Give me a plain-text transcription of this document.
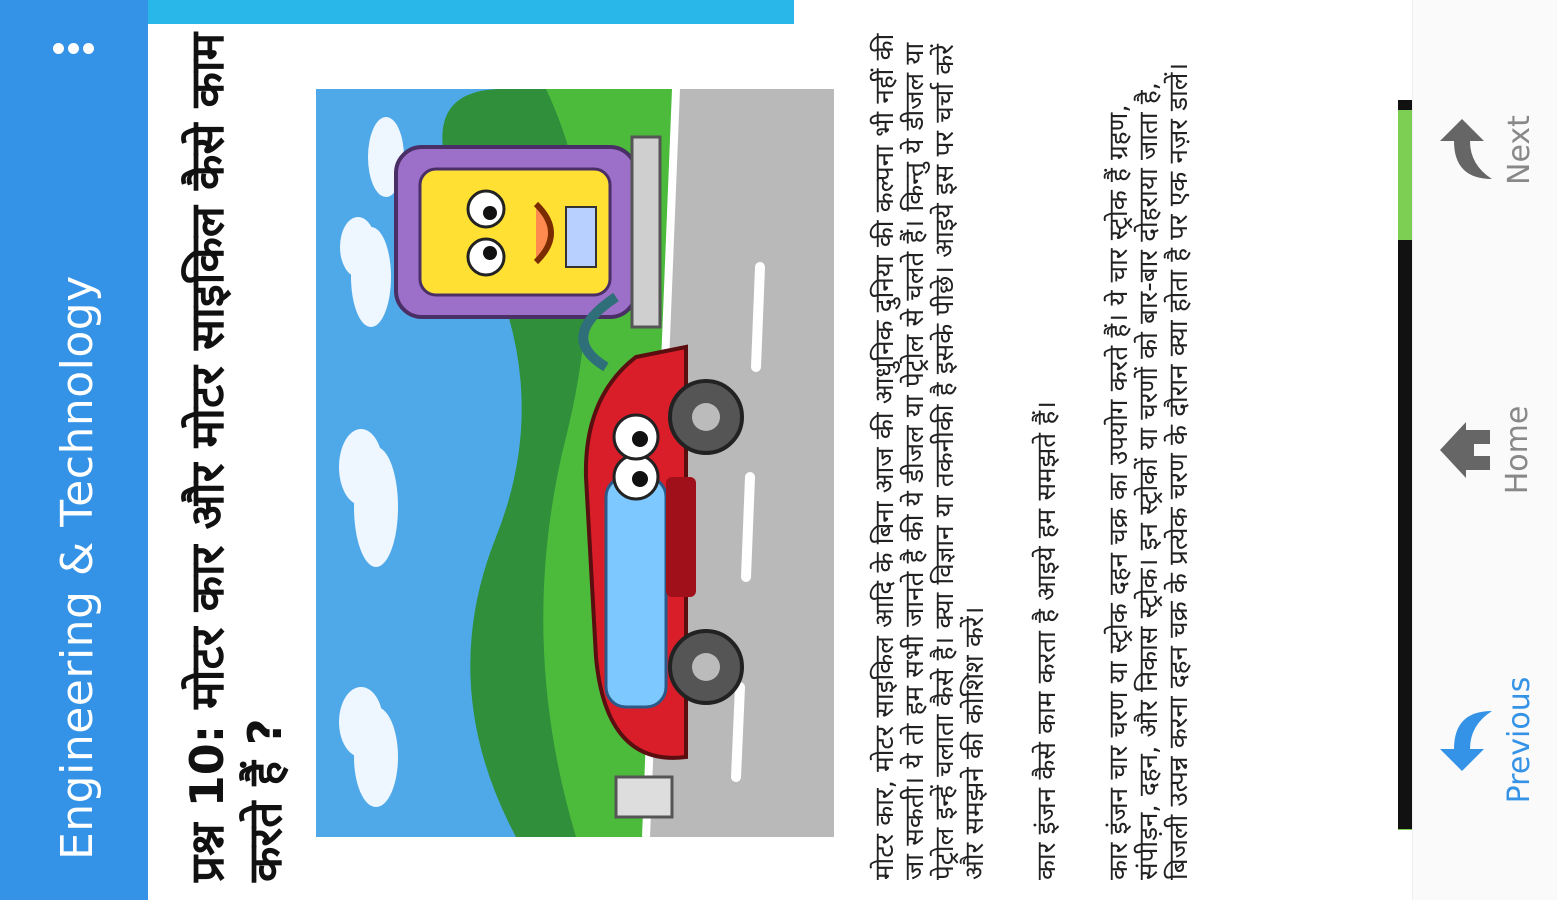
Engineering & Technology प्रश्न 10: मोटर कार और मोटर साइकिल कैसे काम करते हैं ?	मोटर कार, मोटर साइकिल आदि के बिना आज की आधुनिक दुनिया की कल्पना भी नहीं की जा सकती। ये तो हम सभी जानते है की ये डीजल या पेट्रोल से चलते हैं। किन्तु ये डीजल या पेट्रोल इन्हें चलाता कैसे है। क्या विज्ञान या तकनीकी है इसके पीछे। आइये इस पर चर्चा करें और समझने की कोशिश करें। कार इंजन कैसे काम करता है आइये हम समझते हैं। कार इंजन चार चरण या स्ट्रोक दहन चक्र का उपयोग करते हैं। ये चार स्ट्रोक हैं ग्रहण, संपीड़न, दहन, और निकास स्ट्रोक। इन स्ट्रोकों या चरणों को बार-बार दोहराया जाता है, बिजली उत्पन्न करना दहन चक्र के प्रत्येक चरण के दौरान क्या होता है पर एक नज़र डालें।	Previous
Home
Next
